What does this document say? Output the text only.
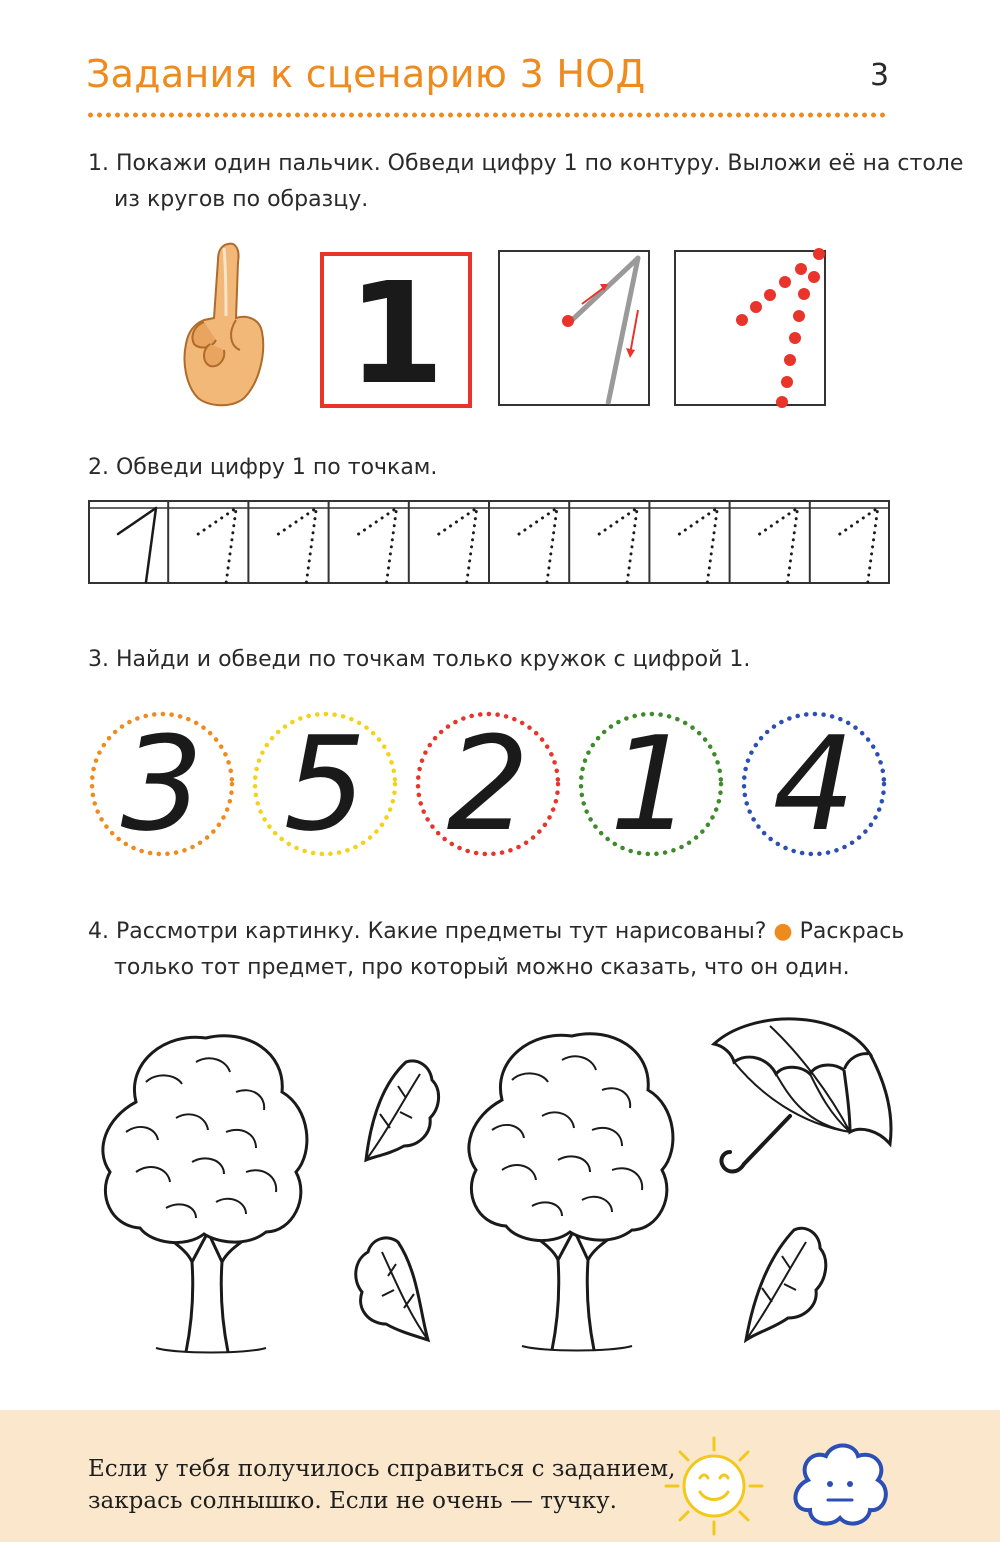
Задания к сценарию 3 НОД	3
1. Покажи один пальчик. Обведи цифру 1 по контуру. Выложи её на столе
из кругов по образцу.
1
2. Обведи цифру 1 по точкам.
3. Найди и обведи по точкам только кружок с цифрой 1.
3 5 2 1 4
4. Рассмотри картинку. Какие предметы тут нарисованы? ● Раскрась
только тот предмет, про который можно сказать, что он один.
Если у тебя получилось справиться с заданием,
закрась солнышко. Если не очень — тучку.
